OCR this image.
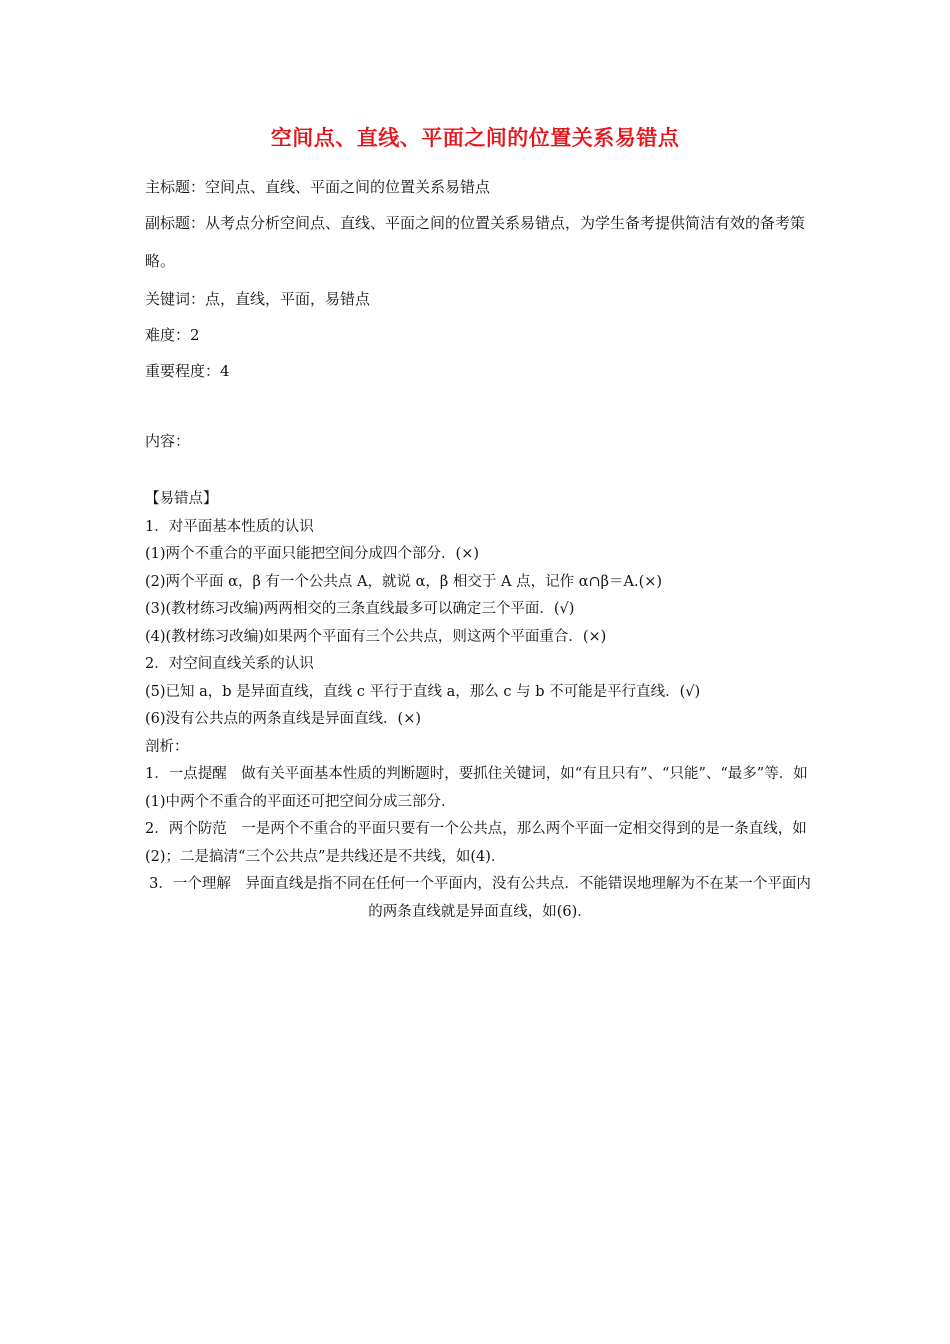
空间点、直线、平面之间的位置关系易错点
主标题：空间点、直线、平面之间的位置关系易错点
副标题：从考点分析空间点、直线、平面之间的位置关系易错点，为学生备考提供简洁有效的备考策略。
关键词：点，直线，平面，易错点
难度：2
重要程度：4
内容：

【易错点】

1．对平面基本性质的认识

(1)两个不重合的平面只能把空间分成四个部分．(×)

(2)两个平面 α，β 有一个公共点 A，就说 α，β 相交于 A 点，记作 α∩β＝A.(×)

(3)(教材练习改编)两两相交的三条直线最多可以确定三个平面．(√)

(4)(教材练习改编)如果两个平面有三个公共点，则这两个平面重合．(×)

2．对空间直线关系的认识

(5)已知 a，b 是异面直线，直线 c 平行于直线 a，那么 c 与 b 不可能是平行直线．(√)

(6)没有公共点的两条直线是异面直线．(×)

剖析：

1．一点提醒　做有关平面基本性质的判断题时，要抓住关键词，如“有且只有”、“只能”、“最多”等．如(1)中两个不重合的平面还可把空间分成三部分．

2．两个防范　一是两个不重合的平面只要有一个公共点，那么两个平面一定相交得到的是一条直线，如(2)；二是搞清“三个公共点”是共线还是不共线，如(4)．

3．一个理解　异面直线是指不同在任何一个平面内，没有公共点．不能错误地理解为不在某一个平面内的两条直线就是异面直线，如(6)．
